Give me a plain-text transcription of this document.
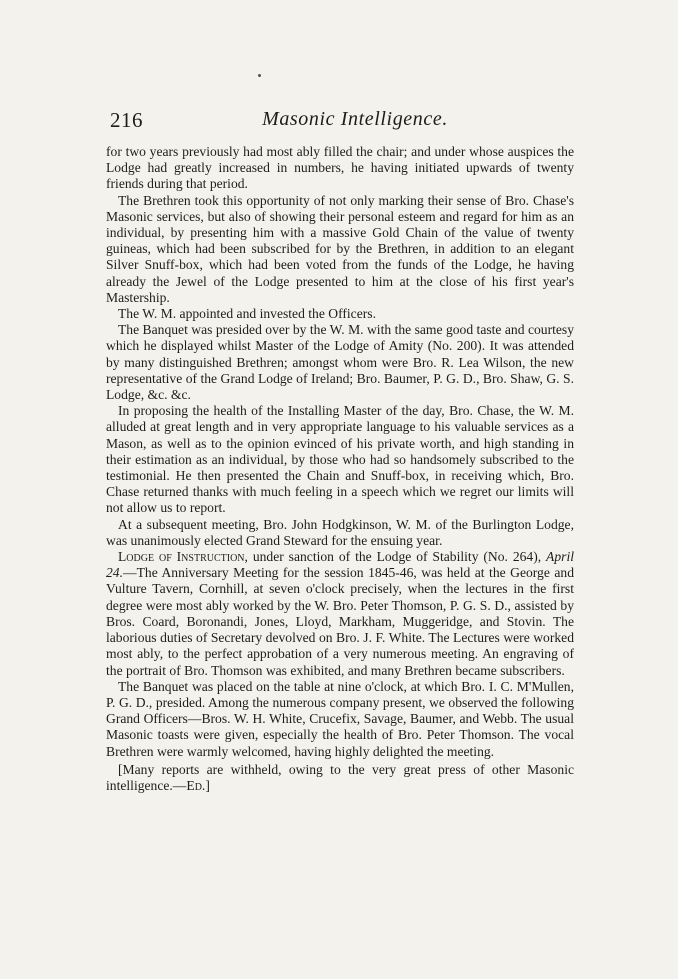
216	Masonic Intelligence.

for two years previously had most ably filled the chair; and under whose auspices the Lodge had greatly increased in numbers, he having initiated upwards of twenty friends during that period.

The Brethren took this opportunity of not only marking their sense of Bro. Chase's Masonic services, but also of showing their personal esteem and regard for him as an individual, by presenting him with a massive Gold Chain of the value of twenty guineas, which had been subscribed for by the Brethren, in addition to an elegant Silver Snuff-box, which had been voted from the funds of the Lodge, he having already the Jewel of the Lodge presented to him at the close of his first year's Mastership.

The W. M. appointed and invested the Officers.

The Banquet was presided over by the W. M. with the same good taste and courtesy which he displayed whilst Master of the Lodge of Amity (No. 200). It was attended by many distinguished Brethren; amongst whom were Bro. R. Lea Wilson, the new representative of the Grand Lodge of Ireland; Bro. Baumer, P. G. D., Bro. Shaw, G. S. Lodge, &c. &c.

In proposing the health of the Installing Master of the day, Bro. Chase, the W. M. alluded at great length and in very appropriate language to his valuable services as a Mason, as well as to the opinion evinced of his private worth, and high standing in their estimation as an individual, by those who had so handsomely subscribed to the testimonial. He then presented the Chain and Snuff-box, in receiving which, Bro. Chase returned thanks with much feeling in a speech which we regret our limits will not allow us to report.

At a subsequent meeting, Bro. John Hodgkinson, W. M. of the Burlington Lodge, was unanimously elected Grand Steward for the ensuing year.

Lodge of Instruction, under sanction of the Lodge of Stability (No. 264), April 24.—The Anniversary Meeting for the session 1845-46, was held at the George and Vulture Tavern, Cornhill, at seven o'clock precisely, when the lectures in the first degree were most ably worked by the W. Bro. Peter Thomson, P. G. S. D., assisted by Bros. Coard, Boronandi, Jones, Lloyd, Markham, Muggeridge, and Stovin. The laborious duties of Secretary devolved on Bro. J. F. White. The Lectures were worked most ably, to the perfect approbation of a very numerous meeting. An engraving of the portrait of Bro. Thomson was exhibited, and many Brethren became subscribers.

The Banquet was placed on the table at nine o'clock, at which Bro. I. C. M'Mullen, P. G. D., presided. Among the numerous company present, we observed the following Grand Officers—Bros. W. H. White, Crucefix, Savage, Baumer, and Webb. The usual Masonic toasts were given, especially the health of Bro. Peter Thomson. The vocal Brethren were warmly welcomed, having highly delighted the meeting.

[Many reports are withheld, owing to the very great press of other Masonic intelligence.—Ed.]
